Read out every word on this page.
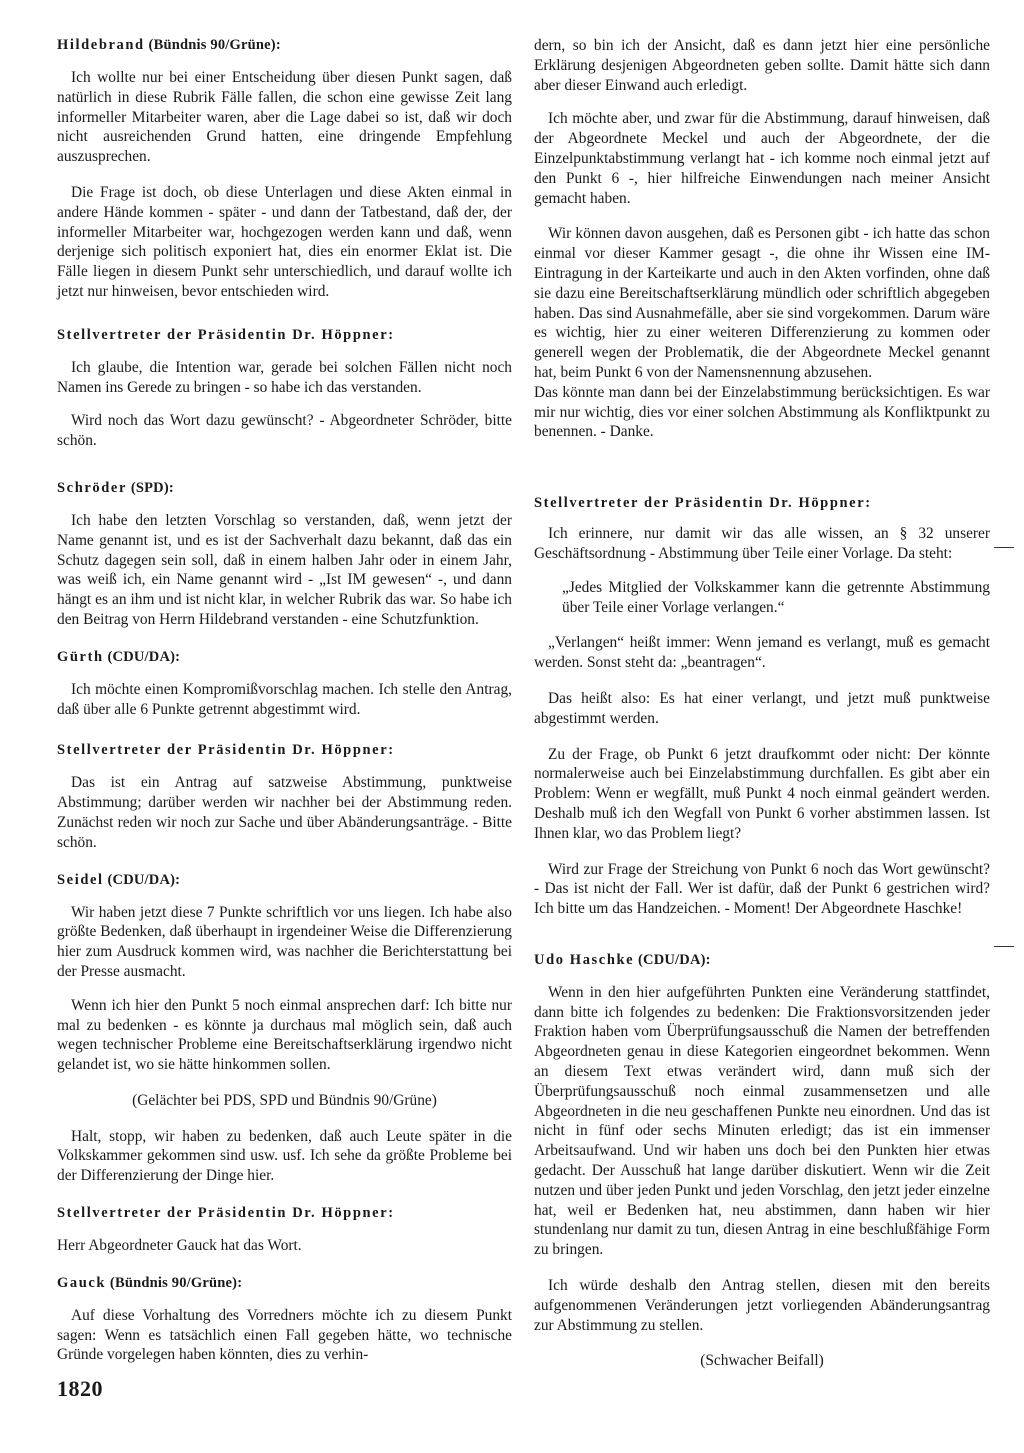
Hildebrand (Bündnis 90/Grüne):

Ich wollte nur bei einer Entscheidung über diesen Punkt sagen, daß natürlich in diese Rubrik Fälle fallen, die schon eine gewisse Zeit lang informeller Mitarbeiter waren, aber die Lage dabei so ist, daß wir doch nicht ausreichenden Grund hatten, eine dringende Empfehlung auszusprechen.

Die Frage ist doch, ob diese Unterlagen und diese Akten einmal in andere Hände kommen - später - und dann der Tatbestand, daß der, der informeller Mitarbeiter war, hochgezogen werden kann und daß, wenn derjenige sich politisch exponiert hat, dies ein enormer Eklat ist. Die Fälle liegen in diesem Punkt sehr unterschiedlich, und darauf wollte ich jetzt nur hinweisen, bevor entschieden wird.

Stellvertreter der Präsidentin Dr. Höppner:

Ich glaube, die Intention war, gerade bei solchen Fällen nicht noch Namen ins Gerede zu bringen - so habe ich das verstanden.

Wird noch das Wort dazu gewünscht? - Abgeordneter Schröder, bitte schön.

Schröder (SPD):

Ich habe den letzten Vorschlag so verstanden, daß, wenn jetzt der Name genannt ist, und es ist der Sachverhalt dazu bekannt, daß das ein Schutz dagegen sein soll, daß in einem halben Jahr oder in einem Jahr, was weiß ich, ein Name genannt wird - „Ist IM gewesen“ -, und dann hängt es an ihm und ist nicht klar, in welcher Rubrik das war. So habe ich den Beitrag von Herrn Hildebrand verstanden - eine Schutzfunktion.

Gürth (CDU/DA):

Ich möchte einen Kompromißvorschlag machen. Ich stelle den Antrag, daß über alle 6 Punkte getrennt abgestimmt wird.

Stellvertreter der Präsidentin Dr. Höppner:

Das ist ein Antrag auf satzweise Abstimmung, punktweise Abstimmung; darüber werden wir nachher bei der Abstimmung reden. Zunächst reden wir noch zur Sache und über Abänderungsanträge. - Bitte schön.

Seidel (CDU/DA):

Wir haben jetzt diese 7 Punkte schriftlich vor uns liegen. Ich habe also größte Bedenken, daß überhaupt in irgendeiner Weise die Differenzierung hier zum Ausdruck kommen wird, was nachher die Berichterstattung bei der Presse ausmacht.

Wenn ich hier den Punkt 5 noch einmal ansprechen darf: Ich bitte nur mal zu bedenken - es könnte ja durchaus mal möglich sein, daß auch wegen technischer Probleme eine Bereitschaftserklärung irgendwo nicht gelandet ist, wo sie hätte hinkommen sollen.

(Gelächter bei PDS, SPD und Bündnis 90/Grüne)

Halt, stopp, wir haben zu bedenken, daß auch Leute später in die Volkskammer gekommen sind usw. usf. Ich sehe da größte Probleme bei der Differenzierung der Dinge hier.

Stellvertreter der Präsidentin Dr. Höppner:

Herr Abgeordneter Gauck hat das Wort.

Gauck (Bündnis 90/Grüne):

Auf diese Vorhaltung des Vorredners möchte ich zu diesem Punkt sagen: Wenn es tatsächlich einen Fall gegeben hätte, wo technische Gründe vorgelegen haben könnten, dies zu verhin-

dern, so bin ich der Ansicht, daß es dann jetzt hier eine persönliche Erklärung desjenigen Abgeordneten geben sollte. Damit hätte sich dann aber dieser Einwand auch erledigt.

Ich möchte aber, und zwar für die Abstimmung, darauf hinweisen, daß der Abgeordnete Meckel und auch der Abgeordnete, der die Einzelpunktabstimmung verlangt hat - ich komme noch einmal jetzt auf den Punkt 6 -, hier hilfreiche Einwendungen nach meiner Ansicht gemacht haben.

Wir können davon ausgehen, daß es Personen gibt - ich hatte das schon einmal vor dieser Kammer gesagt -, die ohne ihr Wissen eine IM-Eintragung in der Karteikarte und auch in den Akten vorfinden, ohne daß sie dazu eine Bereitschaftserklärung mündlich oder schriftlich abgegeben haben. Das sind Ausnahmefälle, aber sie sind vorgekommen. Darum wäre es wichtig, hier zu einer weiteren Differenzierung zu kommen oder generell wegen der Problematik, die der Abgeordnete Meckel genannt hat, beim Punkt 6 von der Namensnennung abzusehen.

Das könnte man dann bei der Einzelabstimmung berücksichtigen. Es war mir nur wichtig, dies vor einer solchen Abstimmung als Konfliktpunkt zu benennen. - Danke.

Stellvertreter der Präsidentin Dr. Höppner:

Ich erinnere, nur damit wir das alle wissen, an § 32 unserer Geschäftsordnung - Abstimmung über Teile einer Vorlage. Da steht:

„Jedes Mitglied der Volkskammer kann die getrennte Abstimmung über Teile einer Vorlage verlangen.“

„Verlangen“ heißt immer: Wenn jemand es verlangt, muß es gemacht werden. Sonst steht da: „beantragen“.

Das heißt also: Es hat einer verlangt, und jetzt muß punktweise abgestimmt werden.

Zu der Frage, ob Punkt 6 jetzt draufkommt oder nicht: Der könnte normalerweise auch bei Einzelabstimmung durchfallen. Es gibt aber ein Problem: Wenn er wegfällt, muß Punkt 4 noch einmal geändert werden. Deshalb muß ich den Wegfall von Punkt 6 vorher abstimmen lassen. Ist Ihnen klar, wo das Problem liegt?

Wird zur Frage der Streichung von Punkt 6 noch das Wort gewünscht? - Das ist nicht der Fall. Wer ist dafür, daß der Punkt 6 gestrichen wird? Ich bitte um das Handzeichen. - Moment! Der Abgeordnete Haschke!

Udo Haschke (CDU/DA):

Wenn in den hier aufgeführten Punkten eine Veränderung stattfindet, dann bitte ich folgendes zu bedenken: Die Fraktionsvorsitzenden jeder Fraktion haben vom Überprüfungsausschuß die Namen der betreffenden Abgeordneten genau in diese Kategorien eingeordnet bekommen. Wenn an diesem Text etwas verändert wird, dann muß sich der Überprüfungsausschuß noch einmal zusammensetzen und alle Abgeordneten in die neu geschaffenen Punkte neu einordnen. Und das ist nicht in fünf oder sechs Minuten erledigt; das ist ein immenser Arbeitsaufwand. Und wir haben uns doch bei den Punkten hier etwas gedacht. Der Ausschuß hat lange darüber diskutiert. Wenn wir die Zeit nutzen und über jeden Punkt und jeden Vorschlag, den jetzt jeder einzelne hat, weil er Bedenken hat, neu abstimmen, dann haben wir hier stundenlang nur damit zu tun, diesen Antrag in eine beschlußfähige Form zu bringen.

Ich würde deshalb den Antrag stellen, diesen mit den bereits aufgenommenen Veränderungen jetzt vorliegenden Abänderungsantrag zur Abstimmung zu stellen.

(Schwacher Beifall)

1820
